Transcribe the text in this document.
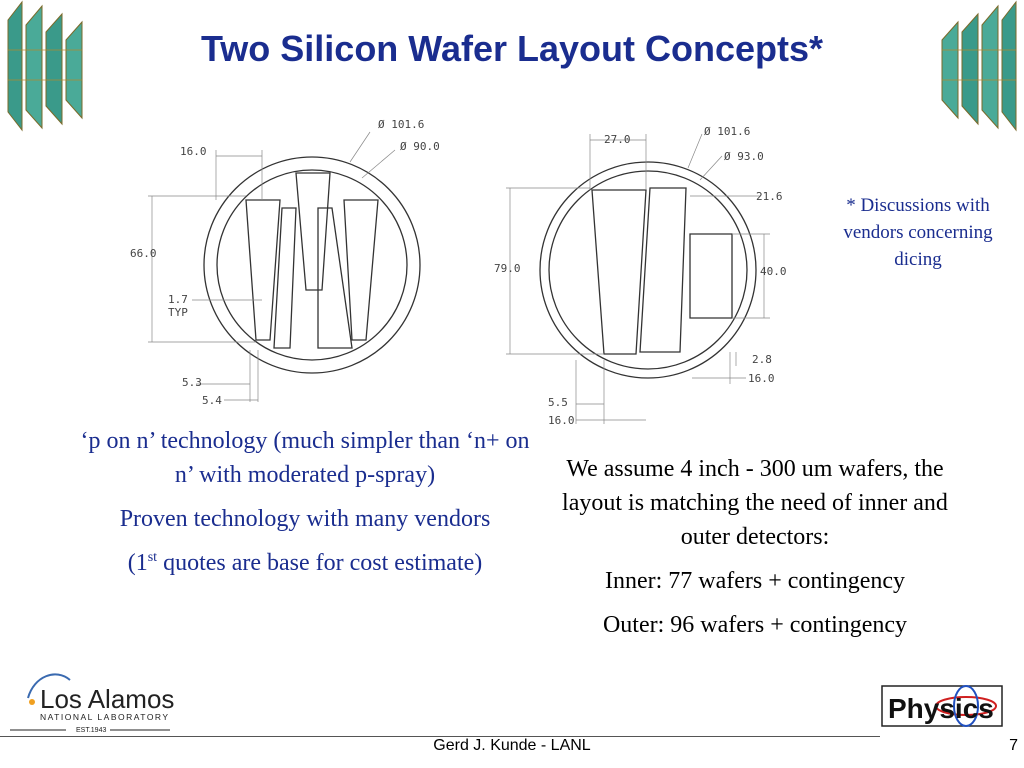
Two Silicon Wafer Layout Concepts*
16.0
66.0
1.7
TYP
5.3
5.4
Ø 101.6
Ø 90.0
27.0
Ø 101.6
Ø 93.0
21.6
79.0	40.0
2.8
16.0
5.5
16.0
* Discussions with vendors concerning dicing

‘p on n’ technology (much simpler than ‘n+ on n’ with moderated p-spray)

Proven technology with many vendors

(1st quotes are base for cost estimate)

We assume 4 inch - 300 um wafers, the layout is matching the need of inner and outer detectors:

Inner: 77 wafers + contingency

Outer: 96 wafers + contingency

Los Alamos
NATIONAL LABORATORY
EST.1943
Gerd J. Kunde - LANL	7
Physics
